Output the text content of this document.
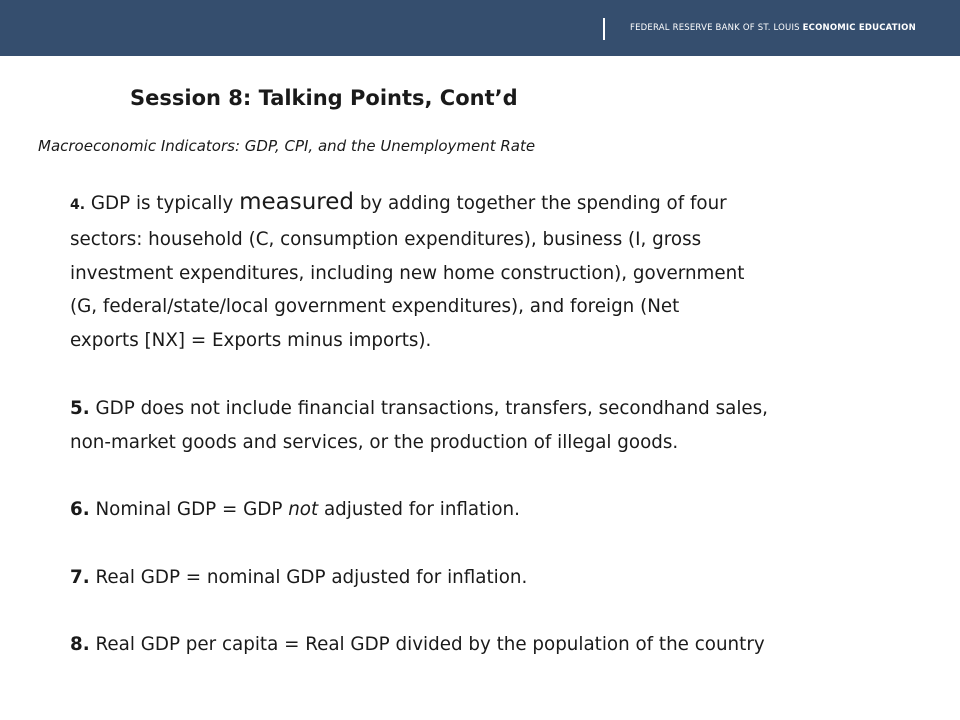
FEDERAL RESERVE BANK OF ST. LOUIS ECONOMIC EDUCATION
Session 8: Talking Points, Cont’d

Macroeconomic Indicators: GDP, CPI, and the Unemployment Rate

4. GDP is typically measured by adding together the spending of four
sectors: household (C, consumption expenditures), business (I, gross
investment expenditures, including new home construction), government
(G, federal/state/local government expenditures), and foreign (Net
exports [NX] = Exports minus imports).
5. GDP does not include financial transactions, transfers, secondhand sales,
non-market goods and services, or the production of illegal goods.
6. Nominal GDP = GDP not adjusted for inflation.
7. Real GDP = nominal GDP adjusted for inflation.
8. Real GDP per capita = Real GDP divided by the population of the country
